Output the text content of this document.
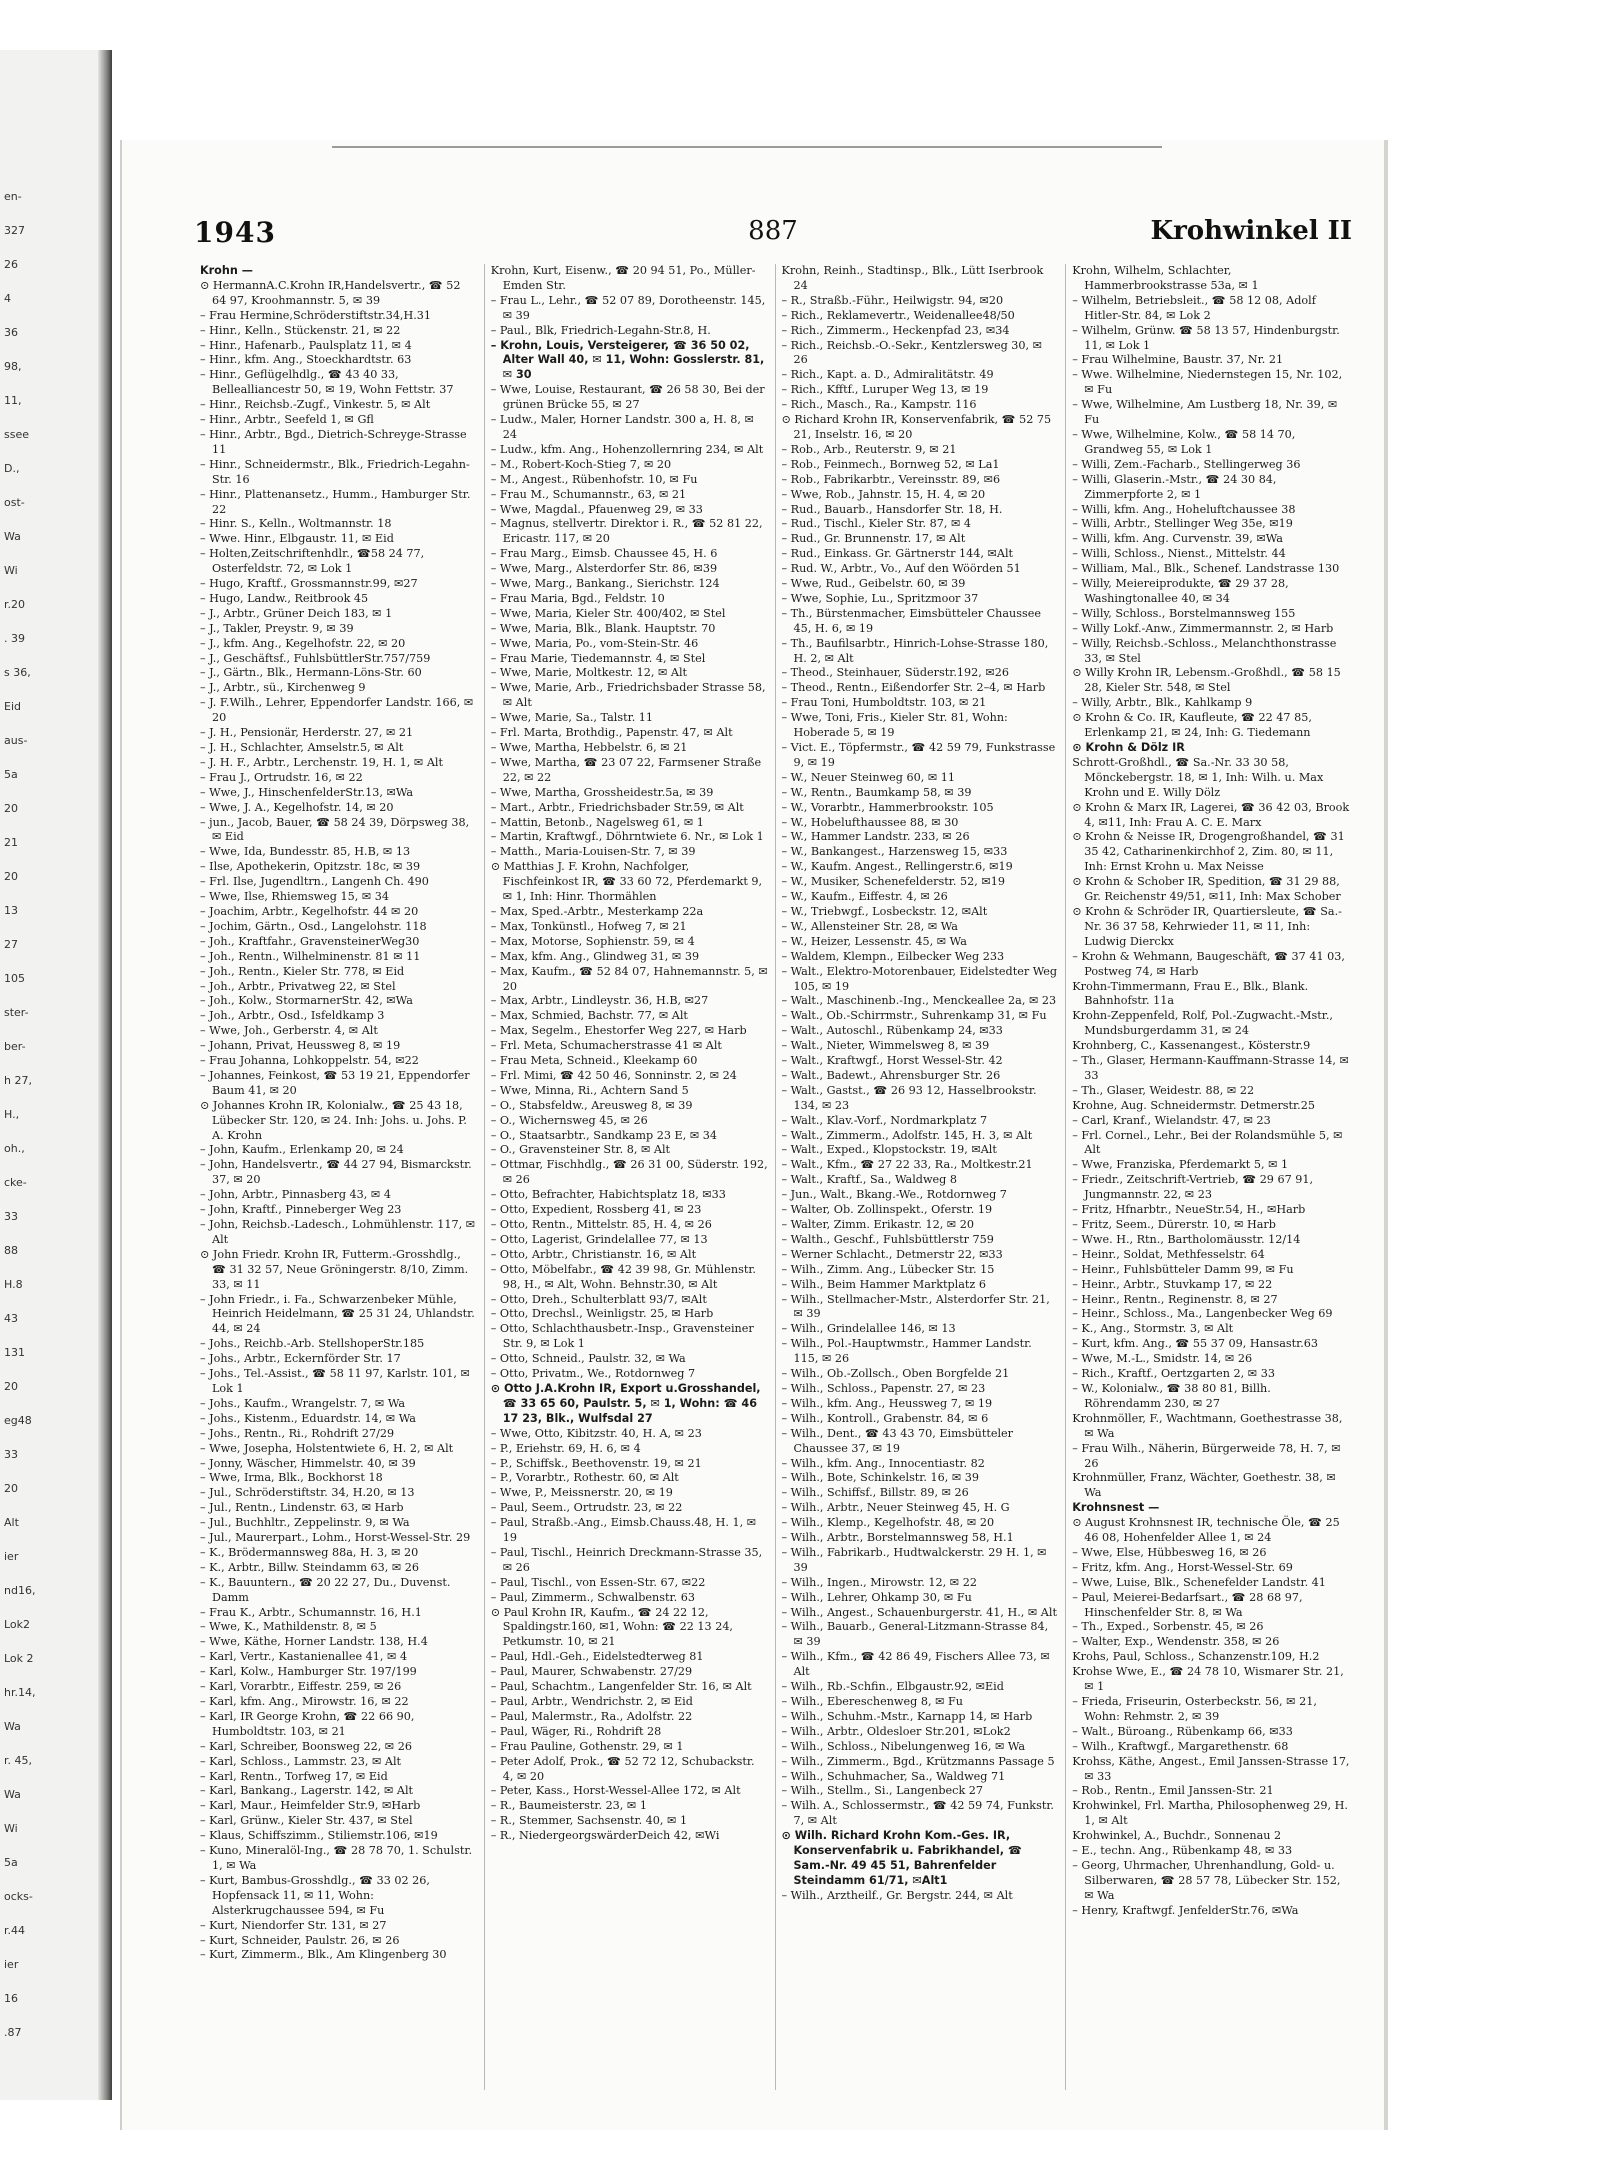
en-
327
26
4
36
98,
11,
ssee
D.,
ost-
Wa
Wi
r.20
. 39
s 36,
Eid
aus-
5a
20
21
20
13
27
105
ster-
ber-
h 27,
H.,
oh.,
cke-
33
88
H.8
43
131
20
eg48
33
20
Alt
ier
nd16,
Lok2
Lok 2
hr.14,
Wa
r. 45,
Wa
Wi
5a
ocks-
r.44
ier
16
.87
1943	887	Krohwinkel II

Krohn —

⊙ HermannA.C.Krohn IR,Handelsvertr., ☎ 52 64 97, Kroohmannstr. 5, ✉ 39

– Frau Hermine,Schröderstiftstr.34,H.31

– Hinr., Kelln., Stückenstr. 21, ✉ 22

– Hinr., Hafenarb., Paulsplatz 11, ✉ 4

– Hinr., kfm. Ang., Stoeckhardtstr. 63

– Hinr., Geflügelhdlg., ☎ 43 40 33, Bellealliancestr 50, ✉ 19, Wohn Fettstr. 37

– Hinr., Reichsb.-Zugf., Vinkestr. 5, ✉ Alt

– Hinr., Arbtr., Seefeld 1, ✉ Gfl

– Hinr., Arbtr., Bgd., Dietrich-Schreyge-Strasse 11

– Hinr., Schneidermstr., Blk., Friedrich-Legahn-Str. 16

– Hinr., Plattenansetz., Humm., Hamburger Str. 22

– Hinr. S., Kelln., Woltmannstr. 18

– Wwe. Hinr., Elbgaustr. 11, ✉ Eid

– Holten,Zeitschriftenhdlr., ☎58 24 77, Osterfeldstr. 72, ✉ Lok 1

– Hugo, Kraftf., Grossmannstr.99, ✉27

– Hugo, Landw., Reitbrook 45

– J., Arbtr., Grüner Deich 183, ✉ 1

– J., Takler, Preystr. 9, ✉ 39

– J., kfm. Ang., Kegelhofstr. 22, ✉ 20

– J., Geschäftsf., FuhlsbüttlerStr.757/759

– J., Gärtn., Blk., Hermann-Löns-Str. 60

– J., Arbtr., sü., Kirchenweg 9

– J. F.Wilh., Lehrer, Eppendorfer Landstr. 166, ✉ 20

– J. H., Pensionär, Herderstr. 27, ✉ 21

– J. H., Schlachter, Amselstr.5, ✉ Alt

– J. H. F., Arbtr., Lerchenstr. 19, H. 1, ✉ Alt

– Frau J., Ortrudstr. 16, ✉ 22

– Wwe, J., HinschenfelderStr.13, ✉Wa

– Wwe, J. A., Kegelhofstr. 14, ✉ 20

– jun., Jacob, Bauer, ☎ 58 24 39, Dörpsweg 38, ✉ Eid

– Wwe, Ida, Bundesstr. 85, H.B, ✉ 13

– Ilse, Apothekerin, Opitzstr. 18c, ✉ 39

– Frl. Ilse, Jugendltrn., Langenh Ch. 490

– Wwe, Ilse, Rhiemsweg 15, ✉ 34

– Joachim, Arbtr., Kegelhofstr. 44 ✉ 20

– Jochim, Gärtn., Osd., Langelohstr. 118

– Joh., Kraftfahr., GravensteinerWeg30

– Joh., Rentn., Wilhelminenstr. 81 ✉ 11

– Joh., Rentn., Kieler Str. 778, ✉ Eid

– Joh., Arbtr., Privatweg 22, ✉ Stel

– Joh., Kolw., StormarnerStr. 42, ✉Wa

– Joh., Arbtr., Osd., Isfeldkamp 3

– Wwe, Joh., Gerberstr. 4, ✉ Alt

– Johann, Privat, Heussweg 8, ✉ 19

– Frau Johanna, Lohkoppelstr. 54, ✉22

– Johannes, Feinkost, ☎ 53 19 21, Eppendorfer Baum 41, ✉ 20

⊙ Johannes Krohn IR, Kolonialw., ☎ 25 43 18, Lübecker Str. 120, ✉ 24. Inh: Johs. u. Johs. P. A. Krohn

– John, Kaufm., Erlenkamp 20, ✉ 24

– John, Handelsvertr., ☎ 44 27 94, Bismarckstr. 37, ✉ 20

– John, Arbtr., Pinnasberg 43, ✉ 4

– John, Kraftf., Pinneberger Weg 23

– John, Reichsb.-Ladesch., Lohmühlenstr. 117, ✉ Alt

⊙ John Friedr. Krohn IR, Futterm.-Grosshdlg., ☎ 31 32 57, Neue Gröningerstr. 8/10, Zimm. 33, ✉ 11

– John Friedr., i. Fa., Schwarzenbeker Mühle, Heinrich Heidelmann, ☎ 25 31 24, Uhlandstr. 44, ✉ 24

– Johs., Reichb.-Arb. StellshoperStr.185

– Johs., Arbtr., Eckernförder Str. 17

– Johs., Tel.-Assist., ☎ 58 11 97, Karlstr. 101, ✉ Lok 1

– Johs., Kaufm., Wrangelstr. 7, ✉ Wa

– Johs., Kistenm., Eduardstr. 14, ✉ Wa

– Johs., Rentn., Ri., Rohdrift 27/29

– Wwe, Josepha, Holstentwiete 6, H. 2, ✉ Alt

– Jonny, Wäscher, Himmelstr. 40, ✉ 39

– Wwe, Irma, Blk., Bockhorst 18

– Jul., Schröderstiftstr. 34, H.20, ✉ 13

– Jul., Rentn., Lindenstr. 63, ✉ Harb

– Jul., Buchhltr., Zeppelinstr. 9, ✉ Wa

– Jul., Maurerpart., Lohm., Horst-Wessel-Str. 29

– K., Brödermannsweg 88a, H. 3, ✉ 20

– K., Arbtr., Billw. Steindamm 63, ✉ 26

– K., Bauuntern., ☎ 20 22 27, Du., Duvenst. Damm

– Frau K., Arbtr., Schumannstr. 16, H.1

– Wwe, K., Mathildenstr. 8, ✉ 5

– Wwe, Käthe, Horner Landstr. 138, H.4

– Karl, Vertr., Kastanienallee 41, ✉ 4

– Karl, Kolw., Hamburger Str. 197/199

– Karl, Vorarbtr., Eiffestr. 259, ✉ 26

– Karl, kfm. Ang., Mirowstr. 16, ✉ 22

– Karl, IR George Krohn, ☎ 22 66 90, Humboldtstr. 103, ✉ 21

– Karl, Schreiber, Boonsweg 22, ✉ 26

– Karl, Schloss., Lammstr. 23, ✉ Alt

– Karl, Rentn., Torfweg 17, ✉ Eid

– Karl, Bankang., Lagerstr. 142, ✉ Alt

– Karl, Maur., Heimfelder Str.9, ✉Harb

– Karl, Grünw., Kieler Str. 437, ✉ Stel

– Klaus, Schiffszimm., Stiliemstr.106, ✉19

– Kuno, Mineralöl-Ing., ☎ 28 78 70, 1. Schulstr. 1, ✉ Wa

– Kurt, Bambus-Grosshdlg., ☎ 33 02 26, Hopfensack 11, ✉ 11, Wohn: Alsterkrugchaussee 594, ✉ Fu

– Kurt, Niendorfer Str. 131, ✉ 27

– Kurt, Schneider, Paulstr. 26, ✉ 26

– Kurt, Zimmerm., Blk., Am Klingenberg 30

Krohn, Kurt, Eisenw., ☎ 20 94 51, Po., Müller-Emden Str.

– Frau L., Lehr., ☎ 52 07 89, Dorotheenstr. 145, ✉ 39

– Paul., Blk, Friedrich-Legahn-Str.8, H.

– Krohn, Louis, Versteigerer, ☎ 36 50 02, Alter Wall 40, ✉ 11, Wohn: Gosslerstr. 81, ✉ 30

– Wwe, Louise, Restaurant, ☎ 26 58 30, Bei der grünen Brücke 55, ✉ 27

– Ludw., Maler, Horner Landstr. 300 a, H. 8, ✉ 24

– Ludw., kfm. Ang., Hohenzollernring 234, ✉ Alt

– M., Robert-Koch-Stieg 7, ✉ 20

– M., Angest., Rübenhofstr. 10, ✉ Fu

– Frau M., Schumannstr., 63, ✉ 21

– Wwe, Magdal., Pfauenweg 29, ✉ 33

– Magnus, stellvertr. Direktor i. R., ☎ 52 81 22, Ericastr. 117, ✉ 20

– Frau Marg., Eimsb. Chaussee 45, H. 6

– Wwe, Marg., Alsterdorfer Str. 86, ✉39

– Wwe, Marg., Bankang., Sierichstr. 124

– Frau Maria, Bgd., Feldstr. 10

– Wwe, Maria, Kieler Str. 400/402, ✉ Stel

– Wwe, Maria, Blk., Blank. Hauptstr. 70

– Wwe, Maria, Po., vom-Stein-Str. 46

– Frau Marie, Tiedemannstr. 4, ✉ Stel

– Wwe, Marie, Moltkestr. 12, ✉ Alt

– Wwe, Marie, Arb., Friedrichsbader Strasse 58, ✉ Alt

– Wwe, Marie, Sa., Talstr. 11

– Frl. Marta, Brothdig., Papenstr. 47, ✉ Alt

– Wwe, Martha, Hebbelstr. 6, ✉ 21

– Wwe, Martha, ☎ 23 07 22, Farmsener Straße 22, ✉ 22

– Wwe, Martha, Grossheidestr.5a, ✉ 39

– Mart., Arbtr., Friedrichsbader Str.59, ✉ Alt

– Mattin, Betonb., Nagelsweg 61, ✉ 1

– Martin, Kraftwgf., Döhrntwiete 6. Nr., ✉ Lok 1

– Matth., Maria-Louisen-Str. 7, ✉ 39

⊙ Matthias J. F. Krohn, Nachfolger, Fischfeinkost IR, ☎ 33 60 72, Pferdemarkt 9, ✉ 1, Inh: Hinr. Thormählen

– Max, Sped.-Arbtr., Mesterkamp 22a

– Max, Tonkünstl., Hofweg 7, ✉ 21

– Max, Motorse, Sophienstr. 59, ✉ 4

– Max, kfm. Ang., Glindweg 31, ✉ 39

– Max, Kaufm., ☎ 52 84 07, Hahnemannstr. 5, ✉ 20

– Max, Arbtr., Lindleystr. 36, H.B, ✉27

– Max, Schmied, Bachstr. 77, ✉ Alt

– Max, Segelm., Ehestorfer Weg 227, ✉ Harb

– Frl. Meta, Schumacherstrasse 41 ✉ Alt

– Frau Meta, Schneid., Kleekamp 60

– Frl. Mimi, ☎ 42 50 46, Sonninstr. 2, ✉ 24

– Wwe, Minna, Ri., Achtern Sand 5

– O., Stabsfeldw., Areusweg 8, ✉ 39

– O., Wichernsweg 45, ✉ 26

– O., Staatsarbtr., Sandkamp 23 E, ✉ 34

– O., Gravensteiner Str. 8, ✉ Alt

– Ottmar, Fischhdlg., ☎ 26 31 00, Süderstr. 192, ✉ 26

– Otto, Befrachter, Habichtsplatz 18, ✉33

– Otto, Expedient, Rossberg 41, ✉ 23

– Otto, Rentn., Mittelstr. 85, H. 4, ✉ 26

– Otto, Lagerist, Grindelallee 77, ✉ 13

– Otto, Arbtr., Christianstr. 16, ✉ Alt

– Otto, Möbelfabr., ☎ 42 39 98, Gr. Mühlenstr. 98, H., ✉ Alt, Wohn. Behnstr.30, ✉ Alt

– Otto, Dreh., Schulterblatt 93/7, ✉Alt

– Otto, Drechsl., Weinligstr. 25, ✉ Harb

– Otto, Schlachthausbetr.-Insp., Gravensteiner Str. 9, ✉ Lok 1

– Otto, Schneid., Paulstr. 32, ✉ Wa

– Otto, Privatm., We., Rotdornweg 7

⊙ Otto J.A.Krohn IR, Export u.Grosshandel, ☎ 33 65 60, Paulstr. 5, ✉ 1, Wohn: ☎ 46 17 23, Blk., Wulfsdal 27

– Wwe, Otto, Kibitzstr. 40, H. A, ✉ 23

– P., Eriehstr. 69, H. 6, ✉ 4

– P., Schiffsk., Beethovenstr. 19, ✉ 21

– P., Vorarbtr., Rothestr. 60, ✉ Alt

– Wwe, P., Meissnerstr. 20, ✉ 19

– Paul, Seem., Ortrudstr. 23, ✉ 22

– Paul, Straßb.-Ang., Eimsb.Chauss.48, H. 1, ✉ 19

– Paul, Tischl., Heinrich Dreckmann-Strasse 35, ✉ 26

– Paul, Tischl., von Essen-Str. 67, ✉22

– Paul, Zimmerm., Schwalbenstr. 63

⊙ Paul Krohn IR, Kaufm., ☎ 24 22 12, Spaldingstr.160, ✉1, Wohn: ☎ 22 13 24, Petkumstr. 10, ✉ 21

– Paul, Hdl.-Geh., Eidelstedterweg 81

– Paul, Maurer, Schwabenstr. 27/29

– Paul, Schachtm., Langenfelder Str. 16, ✉ Alt

– Paul, Arbtr., Wendrichstr. 2, ✉ Eid

– Paul, Malermstr., Ra., Adolfstr. 22

– Paul, Wäger, Ri., Rohdrift 28

– Frau Pauline, Gothenstr. 29, ✉ 1

– Peter Adolf, Prok., ☎ 52 72 12, Schubackstr. 4, ✉ 20

– Peter, Kass., Horst-Wessel-Allee 172, ✉ Alt

– R., Baumeisterstr. 23, ✉ 1

– R., Stemmer, Sachsenstr. 40, ✉ 1

– R., NiedergeorgswärderDeich 42, ✉Wi

Krohn, Reinh., Stadtinsp., Blk., Lütt Iserbrook 24

– R., Straßb.-Führ., Heilwigstr. 94, ✉20

– Rich., Reklamevertr., Weidenallee48/50

– Rich., Zimmerm., Heckenpfad 23, ✉34

– Rich., Reichsb.-O.-Sekr., Kentzlersweg 30, ✉ 26

– Rich., Kapt. a. D., Admiralitätstr. 49

– Rich., Kfftf., Luruper Weg 13, ✉ 19

– Rich., Masch., Ra., Kampstr. 116

⊙ Richard Krohn IR, Konservenfabrik, ☎ 52 75 21, Inselstr. 16, ✉ 20

– Rob., Arb., Reuterstr. 9, ✉ 21

– Rob., Feinmech., Bornweg 52, ✉ La1

– Rob., Fabrikarbtr., Vereinsstr. 89, ✉6

– Wwe, Rob., Jahnstr. 15, H. 4, ✉ 20

– Rud., Bauarb., Hansdorfer Str. 18, H.

– Rud., Tischl., Kieler Str. 87, ✉ 4

– Rud., Gr. Brunnenstr. 17, ✉ Alt

– Rud., Einkass. Gr. Gärtnerstr 144, ✉Alt

– Rud. W., Arbtr., Vo., Auf den Wöörden 51

– Wwe, Rud., Geibelstr. 60, ✉ 39

– Wwe, Sophie, Lu., Spritzmoor 37

– Th., Bürstenmacher, Eimsbütteler Chaussee 45, H. 6, ✉ 19

– Th., Baufilsarbtr., Hinrich-Lohse-Strasse 180, H. 2, ✉ Alt

– Theod., Steinhauer, Süderstr.192, ✉26

– Theod., Rentn., Eißendorfer Str. 2–4, ✉ Harb

– Frau Toni, Humboldtstr. 103, ✉ 21

– Wwe, Toni, Fris., Kieler Str. 81, Wohn: Hoberade 5, ✉ 19

– Vict. E., Töpfermstr., ☎ 42 59 79, Funkstrasse 9, ✉ 19

– W., Neuer Steinweg 60, ✉ 11

– W., Rentn., Baumkamp 58, ✉ 39

– W., Vorarbtr., Hammerbrookstr. 105

– W., Hobelufthaussee 88, ✉ 30

– W., Hammer Landstr. 233, ✉ 26

– W., Bankangest., Harzensweg 15, ✉33

– W., Kaufm. Angest., Rellingerstr.6, ✉19

– W., Musiker, Schenefelderstr. 52, ✉19

– W., Kaufm., Eiffestr. 4, ✉ 26

– W., Triebwgf., Losbeckstr. 12, ✉Alt

– W., Allensteiner Str. 28, ✉ Wa

– W., Heizer, Lessenstr. 45, ✉ Wa

– Waldem, Klempn., Eilbecker Weg 233

– Walt., Elektro-Motorenbauer, Eidelstedter Weg 105, ✉ 19

– Walt., Maschinenb.-Ing., Menckeallee 2a, ✉ 23

– Walt., Ob.-Schirrmstr., Suhrenkamp 31, ✉ Fu

– Walt., Autoschl., Rübenkamp 24, ✉33

– Walt., Nieter, Wimmelsweg 8, ✉ 39

– Walt., Kraftwgf., Horst Wessel-Str. 42

– Walt., Badewt., Ahrensburger Str. 26

– Walt., Gastst., ☎ 26 93 12, Hasselbrookstr. 134, ✉ 23

– Walt., Klav.-Vorf., Nordmarkplatz 7

– Walt., Zimmerm., Adolfstr. 145, H. 3, ✉ Alt

– Walt., Exped., Klopstockstr. 19, ✉Alt

– Walt., Kfm., ☎ 27 22 33, Ra., Moltkestr.21

– Walt., Kraftf., Sa., Waldweg 8

– Jun., Walt., Bkang.-We., Rotdornweg 7

– Walter, Ob. Zollinspekt., Oferstr. 19

– Walter, Zimm. Erikastr. 12, ✉ 20

– Walth., Geschf., Fuhlsbüttlerstr 759

– Werner Schlacht., Detmerstr 22, ✉33

– Wilh., Zimm. Ang., Lübecker Str. 15

– Wilh., Beim Hammer Marktplatz 6

– Wilh., Stellmacher-Mstr., Alsterdorfer Str. 21, ✉ 39

– Wilh., Grindelallee 146, ✉ 13

– Wilh., Pol.-Hauptwmstr., Hammer Landstr. 115, ✉ 26

– Wilh., Ob.-Zollsch., Oben Borgfelde 21

– Wilh., Schloss., Papenstr. 27, ✉ 23

– Wilh., kfm. Ang., Heussweg 7, ✉ 19

– Wilh., Kontroll., Grabenstr. 84, ✉ 6

– Wilh., Dent., ☎ 43 43 70, Eimsbütteler Chaussee 37, ✉ 19

– Wilh., kfm. Ang., Innocentiastr. 82

– Wilh., Bote, Schinkelstr. 16, ✉ 39

– Wilh., Schiffsf., Billstr. 89, ✉ 26

– Wilh., Arbtr., Neuer Steinweg 45, H. G

– Wilh., Klemp., Kegelhofstr. 48, ✉ 20

– Wilh., Arbtr., Borstelmannsweg 58, H.1

– Wilh., Fabrikarb., Hudtwalckerstr. 29 H. 1, ✉ 39

– Wilh., Ingen., Mirowstr. 12, ✉ 22

– Wilh., Lehrer, Ohkamp 30, ✉ Fu

– Wilh., Angest., Schauenburgerstr. 41, H., ✉ Alt

– Wilh., Bauarb., General-Litzmann-Strasse 84, ✉ 39

– Wilh., Kfm., ☎ 42 86 49, Fischers Allee 73, ✉ Alt

– Wilh., Rb.-Schfin., Elbgaustr.92, ✉Eid

– Wilh., Ebereschenweg 8, ✉ Fu

– Wilh., Schuhm.-Mstr., Karnapp 14, ✉ Harb

– Wilh., Arbtr., Oldesloer Str.201, ✉Lok2

– Wilh., Schloss., Nibelungenweg 16, ✉ Wa

– Wilh., Zimmerm., Bgd., Krützmanns Passage 5

– Wilh., Schuhmacher, Sa., Waldweg 71

– Wilh., Stellm., Si., Langenbeck 27

– Wilh. A., Schlossermstr., ☎ 42 59 74, Funkstr. 7, ✉ Alt

⊙ Wilh. Richard Krohn Kom.-Ges. IR, Konservenfabrik u. Fabrikhandel, ☎ Sam.-Nr. 49 45 51, Bahrenfelder Steindamm 61/71, ✉Alt1

– Wilh., Arztheilf., Gr. Bergstr. 244, ✉ Alt

Krohn, Wilhelm, Schlachter, Hammerbrookstrasse 53a, ✉ 1

– Wilhelm, Betriebsleit., ☎ 58 12 08, Adolf Hitler-Str. 84, ✉ Lok 2

– Wilhelm, Grünw. ☎ 58 13 57, Hindenburgstr. 11, ✉ Lok 1

– Frau Wilhelmine, Baustr. 37, Nr. 21

– Wwe. Wilhelmine, Niedernstegen 15, Nr. 102, ✉ Fu

– Wwe, Wilhelmine, Am Lustberg 18, Nr. 39, ✉ Fu

– Wwe, Wilhelmine, Kolw., ☎ 58 14 70, Grandweg 55, ✉ Lok 1

– Willi, Zem.-Facharb., Stellingerweg 36

– Willi, Glaserin.-Mstr., ☎ 24 30 84, Zimmerpforte 2, ✉ 1

– Willi, kfm. Ang., Hoheluftchaussee 38

– Willi, Arbtr., Stellinger Weg 35e, ✉19

– Willi, kfm. Ang. Curvenstr. 39, ✉Wa

– Willi, Schloss., Nienst., Mittelstr. 44

– William, Mal., Blk., Schenef. Landstrasse 130

– Willy, Meiereiprodukte, ☎ 29 37 28, Washingtonallee 40, ✉ 34

– Willy, Schloss., Borstelmannsweg 155

– Willy Lokf.-Anw., Zimmermannstr. 2, ✉ Harb

– Willy, Reichsb.-Schloss., Melanchthonstrasse 33, ✉ Stel

⊙ Willy Krohn IR, Lebensm.-Großhdl., ☎ 58 15 28, Kieler Str. 548, ✉ Stel

– Willy, Arbtr., Blk., Kahlkamp 9

⊙ Krohn & Co. IR, Kaufleute, ☎ 22 47 85, Erlenkamp 21, ✉ 24, Inh: G. Tiedemann

⊙ Krohn & Dölz IR

Schrott-Großhdl., ☎ Sa.-Nr. 33 30 58, Mönckebergstr. 18, ✉ 1, Inh: Wilh. u. Max Krohn und E. Willy Dölz

⊙ Krohn & Marx IR, Lagerei, ☎ 36 42 03, Brook 4, ✉11, Inh: Frau A. C. E. Marx

⊙ Krohn & Neisse IR, Drogengroßhandel, ☎ 31 35 42, Catharinenkirchhof 2, Zim. 80, ✉ 11, Inh: Ernst Krohn u. Max Neisse

⊙ Krohn & Schober IR, Spedition, ☎ 31 29 88, Gr. Reichenstr 49/51, ✉11, Inh: Max Schober

⊙ Krohn & Schröder IR, Quartiersleute, ☎ Sa.-Nr. 36 37 58, Kehrwieder 11, ✉ 11, Inh: Ludwig Dierckx

– Krohn & Wehmann, Baugeschäft, ☎ 37 41 03, Postweg 74, ✉ Harb

Krohn-Timmermann, Frau E., Blk., Blank. Bahnhofstr. 11a

Krohn-Zeppenfeld, Rolf, Pol.-Zugwacht.-Mstr., Mundsburgerdamm 31, ✉ 24

Krohnberg, C., Kassenangest., Kösterstr.9

– Th., Glaser, Hermann-Kauffmann-Strasse 14, ✉ 33

– Th., Glaser, Weidestr. 88, ✉ 22

Krohne, Aug. Schneidermstr. Detmerstr.25

– Carl, Kranf., Wielandstr. 47, ✉ 23

– Frl. Cornel., Lehr., Bei der Rolandsmühle 5, ✉ Alt

– Wwe, Franziska, Pferdemarkt 5, ✉ 1

– Friedr., Zeitschrift-Vertrieb, ☎ 29 67 91, Jungmannstr. 22, ✉ 23

– Fritz, Hfnarbtr., NeueStr.54, H., ✉Harb

– Fritz, Seem., Dürerstr. 10, ✉ Harb

– Wwe. H., Rtn., Bartholomäusstr. 12/14

– Heinr., Soldat, Methfesselstr. 64

– Heinr., Fuhlsbütteler Damm 99, ✉ Fu

– Heinr., Arbtr., Stuvkamp 17, ✉ 22

– Heinr., Rentn., Reginenstr. 8, ✉ 27

– Heinr., Schloss., Ma., Langenbecker Weg 69

– K., Ang., Stormstr. 3, ✉ Alt

– Kurt, kfm. Ang., ☎ 55 37 09, Hansastr.63

– Wwe, M.-L., Smidstr. 14, ✉ 26

– Rich., Kraftf., Oertzgarten 2, ✉ 33

– W., Kolonialw., ☎ 38 80 81, Billh. Röhrendamm 230, ✉ 27

Krohnmöller, F., Wachtmann, Goethestrasse 38, ✉ Wa

– Frau Wilh., Näherin, Bürgerweide 78, H. 7, ✉ 26

Krohnmüller, Franz, Wächter, Goethestr. 38, ✉ Wa

Krohnsnest —

⊙ August Krohnsnest IR, technische Öle, ☎ 25 46 08, Hohenfelder Allee 1, ✉ 24

– Wwe, Else, Hübbesweg 16, ✉ 26

– Fritz, kfm. Ang., Horst-Wessel-Str. 69

– Wwe, Luise, Blk., Schenefelder Landstr. 41

– Paul, Meierei-Bedarfsart., ☎ 28 68 97, Hinschenfelder Str. 8, ✉ Wa

– Th., Exped., Sorbenstr. 45, ✉ 26

– Walter, Exp., Wendenstr. 358, ✉ 26

Krohs, Paul, Schloss., Schanzenstr.109, H.2

Krohse Wwe, E., ☎ 24 78 10, Wismarer Str. 21, ✉ 1

– Frieda, Friseurin, Osterbeckstr. 56, ✉ 21, Wohn: Rehmstr. 2, ✉ 39

– Walt., Büroang., Rübenkamp 66, ✉33

– Wilh., Kraftwgf., Margarethenstr. 68

Krohss, Käthe, Angest., Emil Janssen-Strasse 17, ✉ 33

– Rob., Rentn., Emil Janssen-Str. 21

Krohwinkel, Frl. Martha, Philosophenweg 29, H. 1, ✉ Alt

Krohwinkel, A., Buchdr., Sonnenau 2

– E., techn. Ang., Rübenkamp 48, ✉ 33

– Georg, Uhrmacher, Uhrenhandlung, Gold- u. Silberwaren, ☎ 28 57 78, Lübecker Str. 152, ✉ Wa

– Henry, Kraftwgf. JenfelderStr.76, ✉Wa
